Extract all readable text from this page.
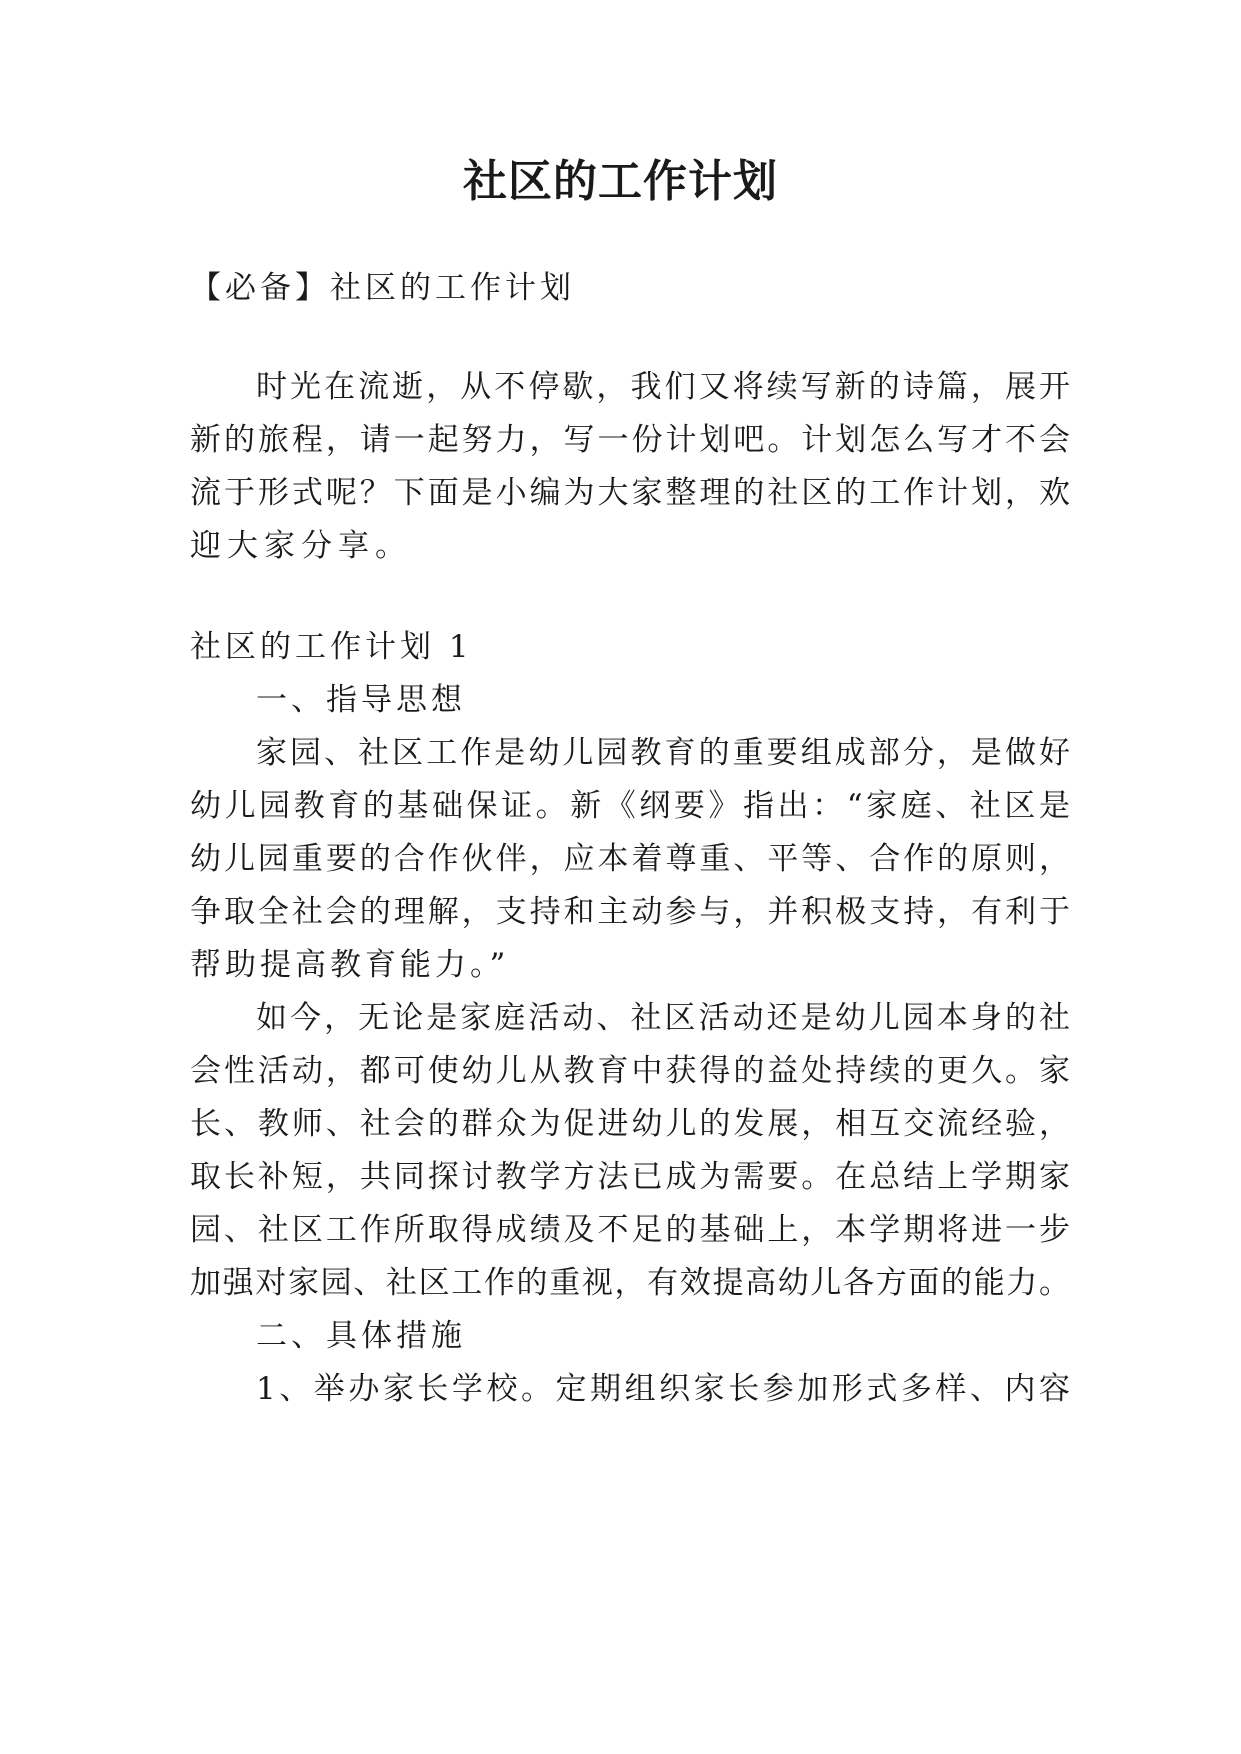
社区的工作计划

【必备】社区的工作计划

时光在流逝，从不停歇，我们又将续写新的诗篇，展开

新的旅程，请一起努力，写一份计划吧。计划怎么写才不会

流于形式呢？下面是小编为大家整理的社区的工作计划，欢

迎大家分享。

社区的工作计划 1

一、指导思想

家园、社区工作是幼儿园教育的重要组成部分，是做好

幼儿园教育的基础保证。新《纲要》指出：“家庭、社区是

幼儿园重要的合作伙伴，应本着尊重、平等、合作的原则，

争取全社会的理解，支持和主动参与，并积极支持，有利于

帮助提高教育能力。”

如今，无论是家庭活动、社区活动还是幼儿园本身的社

会性活动，都可使幼儿从教育中获得的益处持续的更久。家

长、教师、社会的群众为促进幼儿的发展，相互交流经验，

取长补短，共同探讨教学方法已成为需要。在总结上学期家

园、社区工作所取得成绩及不足的基础上，本学期将进一步

加强对家园、社区工作的重视，有效提高幼儿各方面的能力。

二、具体措施

1、举办家长学校。定期组织家长参加形式多样、内容
